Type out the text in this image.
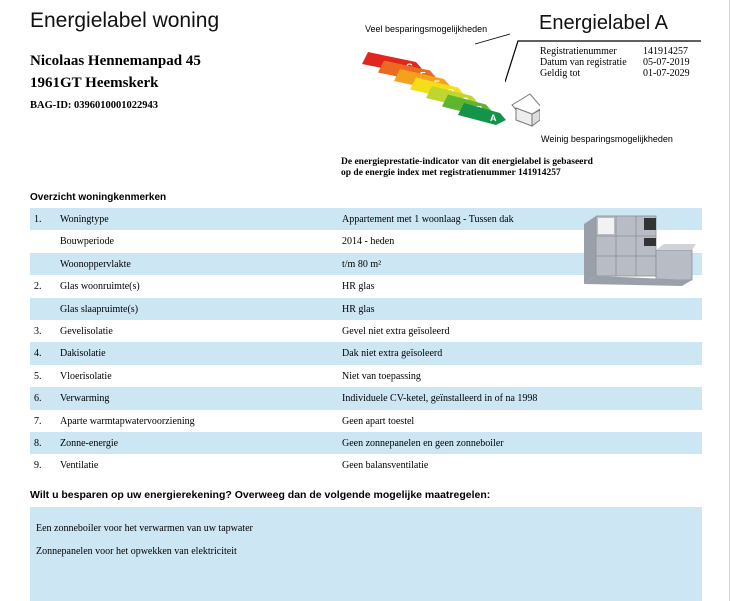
Energielabel woning
Nicolaas Hennemanpad 45
1961GT Heemskerk
BAG-ID: 0396010001022943
Veel besparingsmogelijkheden
A
Weinig besparingsmogelijkheden
Energielabel A
Registratienummer	141914257
Datum van registratie 05-07-2019
Geldig tot	01-07-2029
De energieprestatie-indicator van dit energielabel is gebaseerd
op de energie index met registratienummer 141914257
Overzicht woningkenmerken
1. Woningtype	Appartement met 1 woonlaag - Tussen dak
Bouwperiode	2014 - heden
Woonoppervlakte	t/m 80 m²
2. Glas woonruimte(s)	HR glas
Glas slaapruimte(s)	HR glas
3. Gevelisolatie	Gevel niet extra geïsoleerd
4. Dakisolatie	Dak niet extra geïsoleerd
5. Vloerisolatie	Niet van toepassing
6. Verwarming	Individuele CV-ketel, geïnstalleerd in of na 1998
7. Aparte warmtapwatervoorziening	Geen apart toestel
8. Zonne-energie	Geen zonnepanelen en geen zonneboiler
9. Ventilatie	Geen balansventilatie
Wilt u besparen op uw energierekening? Overweeg dan de volgende mogelijke maatregelen:
Een zonneboiler voor het verwarmen van uw tapwater
Zonnepanelen voor het opwekken van elektriciteit
